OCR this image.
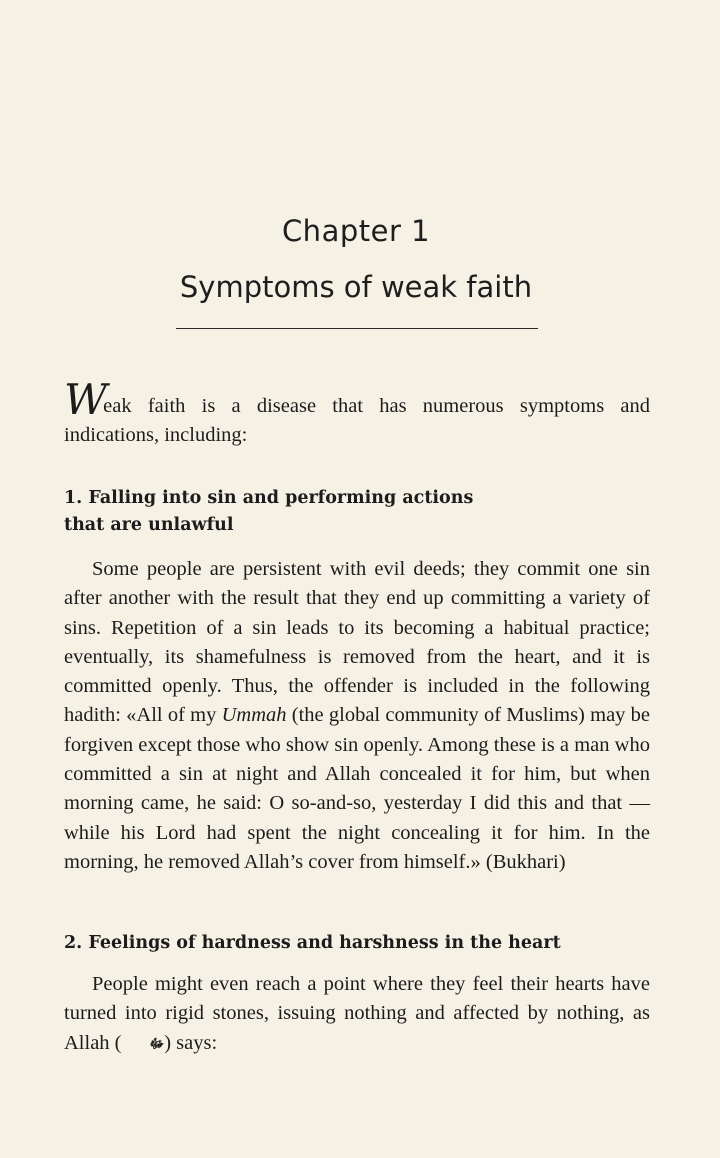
Chapter 1
Symptoms of weak faith
Weak faith is a disease that has numerous symptoms and indications, including:
1. Falling into sin and performing actions
that are unlawful
Some people are persistent with evil deeds; they commit one sin after another with the result that they end up committing a variety of sins. Repetition of a sin leads to its becoming a habitual practice; eventually, its shamefulness is removed from the heart, and it is committed openly. Thus, the offender is included in the following hadith: «All of my Ummah (the global community of Muslims) may be forgiven except those who show sin openly. Among these is a man who committed a sin at night and Allah concealed it for him, but when morning came, he said: O so-and-so, yesterday I did this and that — while his Lord had spent the night concealing it for him. In the morning, he removed Allah’s cover from himself.» (Bukhari)
2. Feelings of hardness and harshness in the heart
People might even reach a point where they feel their hearts have turned into rigid stones, issuing nothing and affected by nothing, as Allah ( ﷻ) says:
